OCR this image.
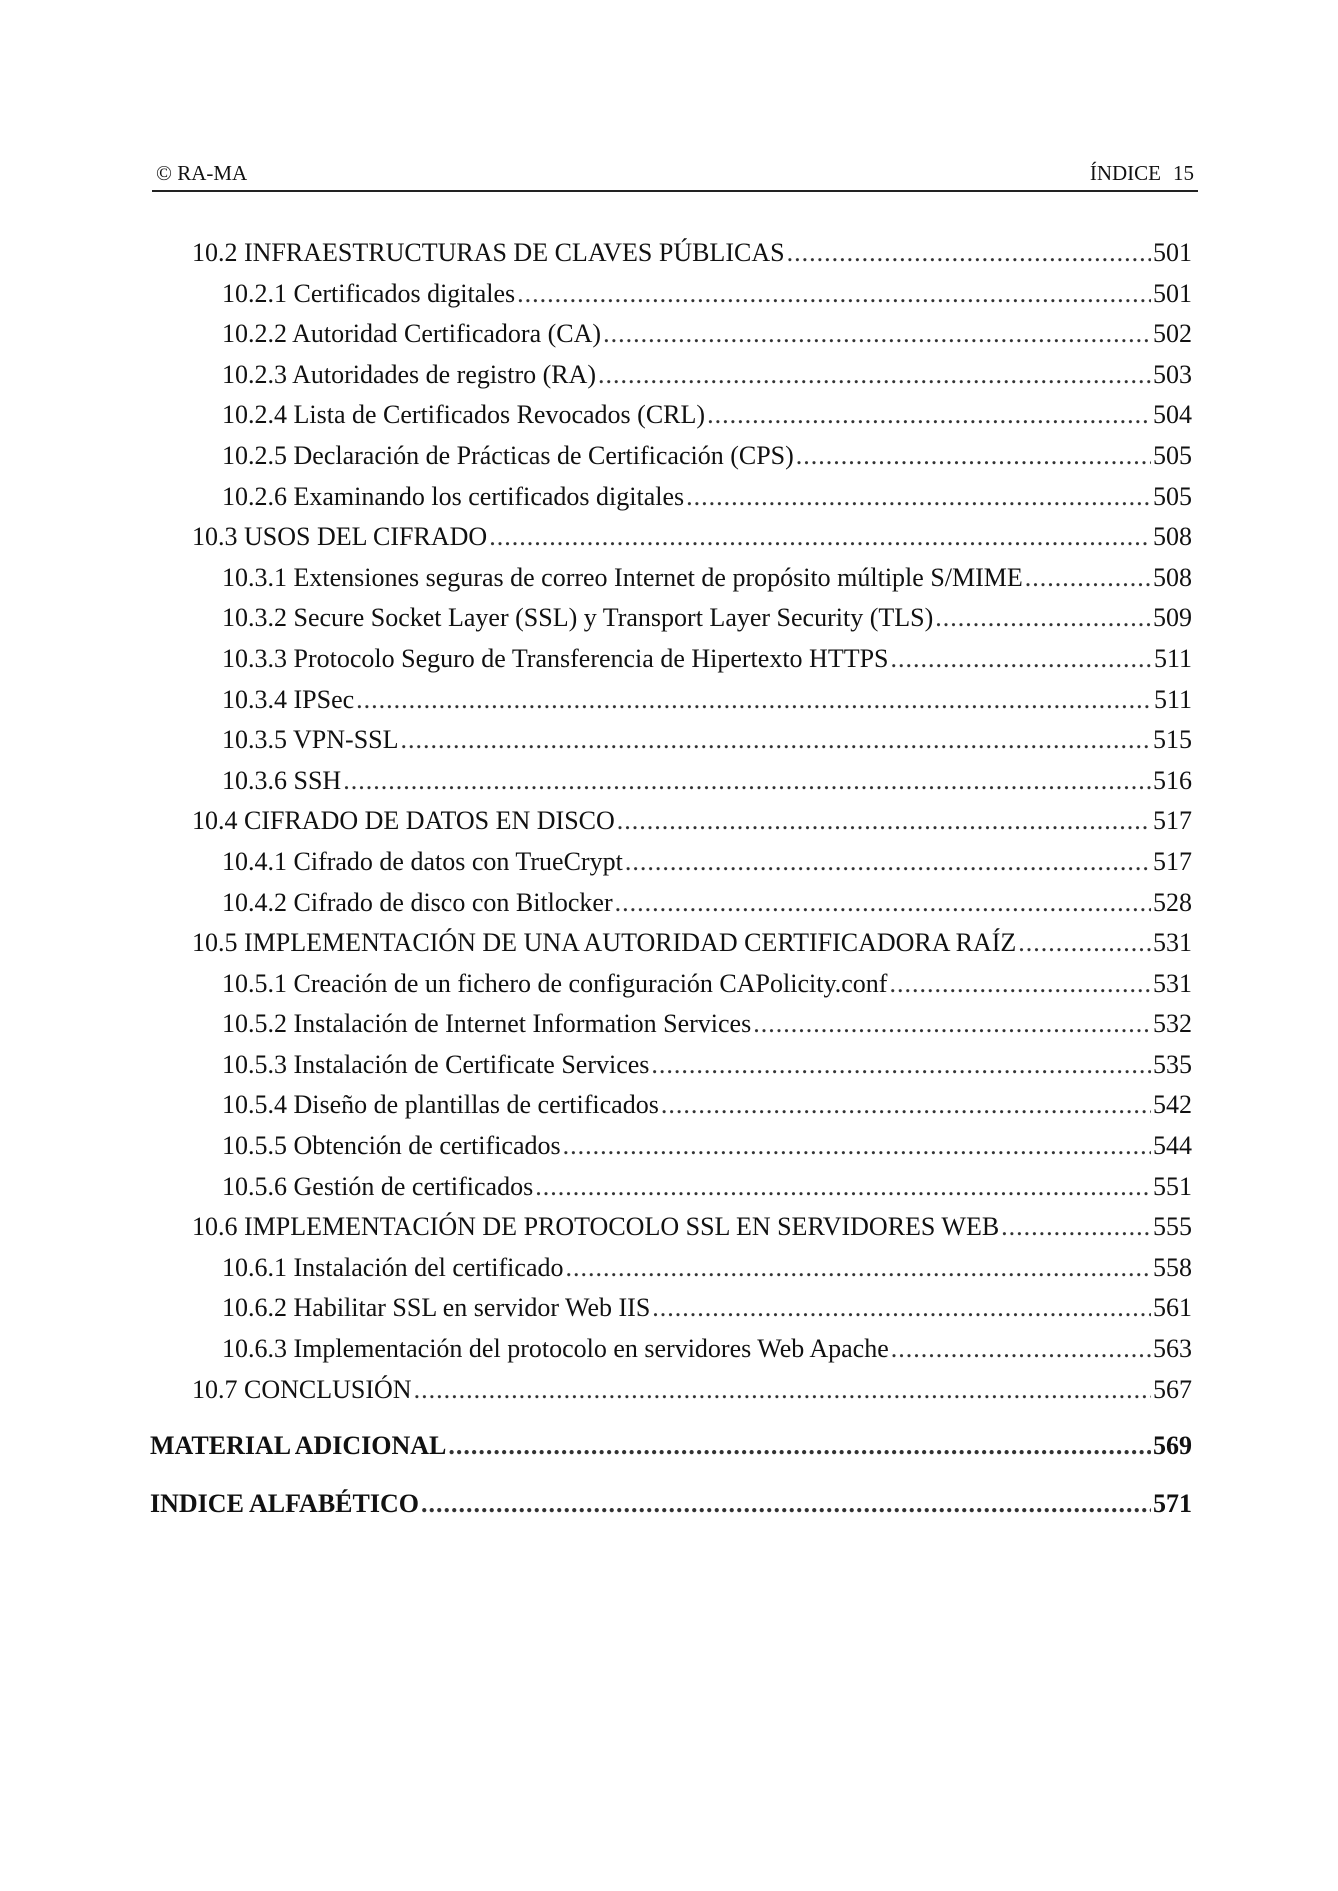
© RA-MA	ÍNDICE 15
10.2 INFRAESTRUCTURAS DE CLAVES PÚBLICAS .....	501
10.2.1 Certificados digitales .....	501
10.2.2 Autoridad Certificadora (CA) .....	502
10.2.3 Autoridades de registro (RA) .....	503
10.2.4 Lista de Certificados Revocados (CRL) .....	504
10.2.5 Declaración de Prácticas de Certificación (CPS) .....	505
10.2.6 Examinando los certificados digitales .....	505
10.3 USOS DEL CIFRADO .....	508
10.3.1 Extensiones seguras de correo Internet de propósito múltiple S/MIME .....	508
10.3.2 Secure Socket Layer (SSL) y Transport Layer Security (TLS) .....	509
10.3.3 Protocolo Seguro de Transferencia de Hipertexto HTTPS .....	511
10.3.4 IPSec .....	511
10.3.5 VPN-SSL .....	515
10.3.6 SSH .....	516
10.4 CIFRADO DE DATOS EN DISCO .....	517
10.4.1 Cifrado de datos con TrueCrypt .....	517
10.4.2 Cifrado de disco con Bitlocker .....	528
10.5 IMPLEMENTACIÓN DE UNA AUTORIDAD CERTIFICADORA RAÍZ .....	531
10.5.1 Creación de un fichero de configuración CAPolicity.conf .....	531
10.5.2 Instalación de Internet Information Services .....	532
10.5.3 Instalación de Certificate Services .....	535
10.5.4 Diseño de plantillas de certificados .....	542
10.5.5 Obtención de certificados .....	544
10.5.6 Gestión de certificados .....	551
10.6 IMPLEMENTACIÓN DE PROTOCOLO SSL EN SERVIDORES WEB .....	555
10.6.1 Instalación del certificado .....	558
10.6.2 Habilitar SSL en servidor Web IIS .....	561
10.6.3 Implementación del protocolo en servidores Web Apache .....	563
10.7 CONCLUSIÓN .....	567
MATERIAL ADICIONAL .....	569
INDICE ALFABÉTICO .....	571
